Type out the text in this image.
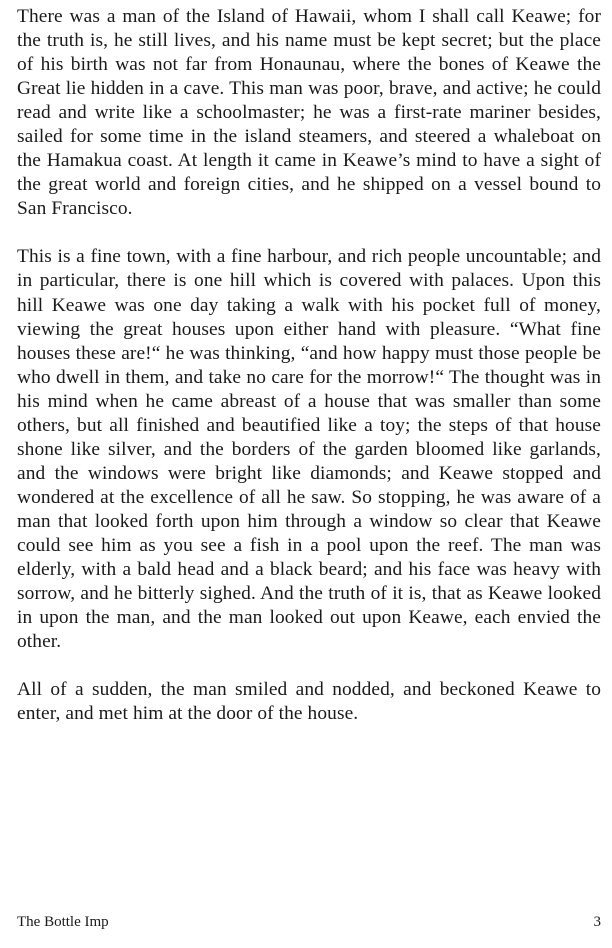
There was a man of the Island of Hawaii, whom I shall call Keawe; for the truth is, he still lives, and his name must be kept secret; but the place of his birth was not far from Honaunau, where the bones of Keawe the Great lie hidden in a cave. This man was poor, brave, and active; he could read and write like a schoolmaster; he was a first-rate mariner besides, sailed for some time in the island steamers, and steered a whaleboat on the Hamakua coast. At length it came in Keawe’s mind to have a sight of the great world and foreign cities, and he shipped on a vessel bound to San Francisco.

This is a fine town, with a fine harbour, and rich people uncountable; and in particular, there is one hill which is covered with palaces. Upon this hill Keawe was one day taking a walk with his pocket full of money, viewing the great houses upon either hand with pleasure. “What fine houses these are!“ he was thinking, “and how happy must those people be who dwell in them, and take no care for the morrow!“ The thought was in his mind when he came abreast of a house that was smaller than some others, but all finished and beautified like a toy; the steps of that house shone like silver, and the borders of the garden bloomed like garlands, and the windows were bright like diamonds; and Keawe stopped and wondered at the excellence of all he saw. So stopping, he was aware of a man that looked forth upon him through a window so clear that Keawe could see him as you see a fish in a pool upon the reef. The man was elderly, with a bald head and a black beard; and his face was heavy with sorrow, and he bitterly sighed. And the truth of it is, that as Keawe looked in upon the man, and the man looked out upon Keawe, each envied the other.

All of a sudden, the man smiled and nodded, and beckoned Keawe to enter, and met him at the door of the house.

The Bottle Imp	3
